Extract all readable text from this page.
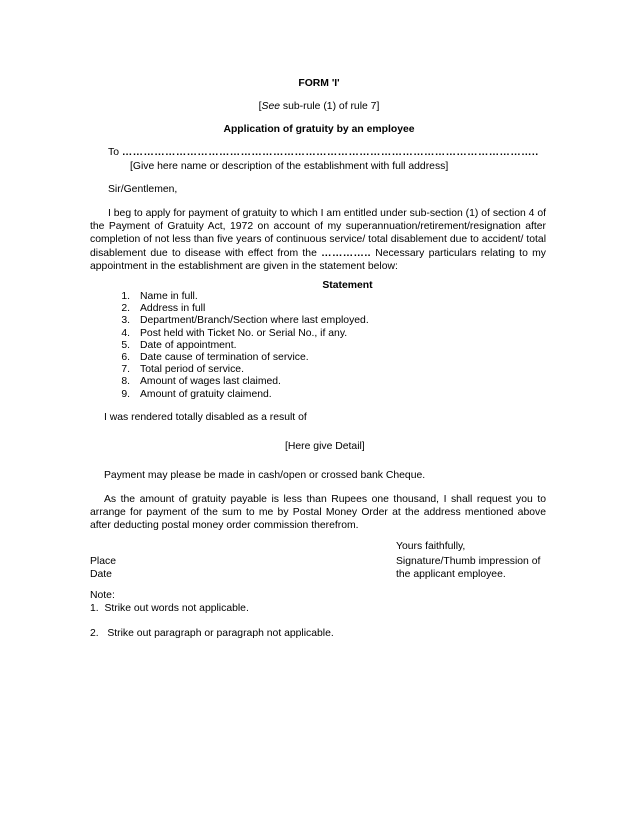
FORM 'I'
[See sub-rule (1) of rule 7]
Application of gratuity by an employee
To ……………………………………………………………………………………………………..
[Give here name or description of the establishment with full address]
Sir/Gentlemen,
I beg to apply for payment of gratuity to which I am entitled under sub-section (1) of section 4 of the Payment of Gratuity Act, 1972 on account of my superannuation/retirement/resignation after completion of not less than five years of continuous service/ total disablement due to accident/ total disablement due to disease with effect from the ………….. Necessary particulars relating to my appointment in the establishment are given in the statement below:
Statement
1. Name in full.
2. Address in full
3. Department/Branch/Section where last employed.
4. Post held with Ticket No. or Serial No., if any.
5. Date of appointment.
6. Date cause of termination of service.
7. Total period of service.
8. Amount of wages last claimed.
9. Amount of gratuity claimend.
I was rendered totally disabled as a result of
[Here give Detail]
Payment may please be made in cash/open or crossed bank Cheque.
As the amount of gratuity payable is less than Rupees one thousand, I shall request you to arrange for payment of the sum to me by Postal Money Order at the address mentioned above after deducting postal money order commission therefrom.
Yours faithfully,
Place	Signature/Thumb impression of
Date	the applicant employee.
Note:
1. Strike out words not applicable.
2. Strike out paragraph or paragraph not applicable.
